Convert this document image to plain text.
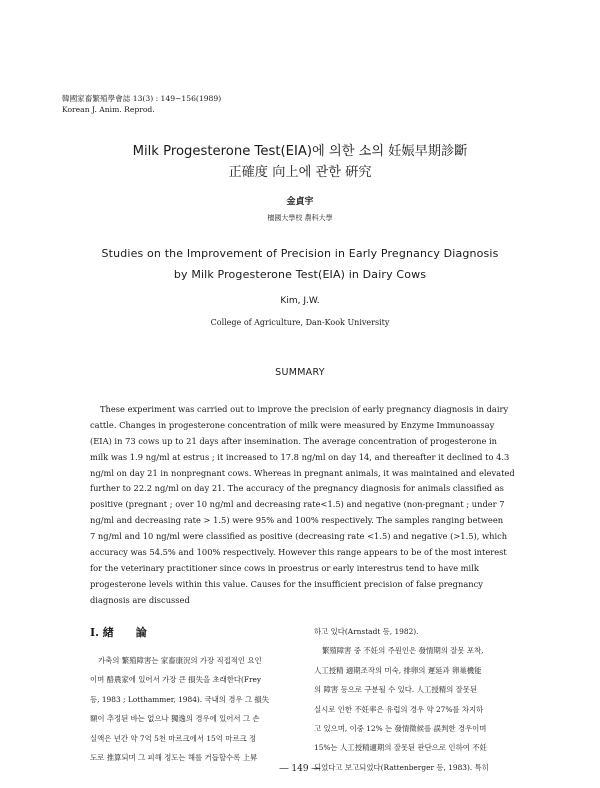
韓國家畜繁殖學會誌 13(3) : 149~156(1989)
Korean J. Anim. Reprod.
Milk Progesterone Test(EIA)에 의한 소의 妊娠早期診斷
正確度 向上에 관한 硏究
金貞宇
檀國大學校 農科大學
Studies on the Improvement of Precision in Early Pregnancy Diagnosis
by Milk Progesterone Test(EIA) in Dairy Cows
Kim, J.W.
College of Agriculture, Dan-Kook University
SUMMARY
These experiment was carried out to improve the precision of early pregnancy diagnosis in dairy
cattle. Changes in progesterone concentration of milk were measured by Enzyme Immunoassay
(EIA) in 73 cows up to 21 days after insemination. The average concentration of progesterone in
milk was 1.9 ng/ml at estrus ; it increased to 17.8 ng/ml on day 14, and thereafter it declined to 4.3
ng/ml on day 21 in nonpregnant cows. Whereas in pregnant animals, it was maintained and elevated
further to 22.2 ng/ml on day 21. The accuracy of the pregnancy diagnosis for animals classified as
positive (pregnant ; over 10 ng/ml and decreasing rate<1.5) and negative (non-pregnant ; under 7
ng/ml and decreasing rate > 1.5) were 95% and 100% respectively. The samples ranging between
7 ng/ml and 10 ng/ml were classified as positive (decreasing rate <1.5) and negative (>1.5), which
accuracy was 54.5% and 100% respectively. However this range appears to be of the most interest
for the veterinary practitioner since cows in proestrus or early interestrus tend to have milk
progesterone levels within this value. Causes for the insufficient precision of false pregnancy
diagnosis are discussed
I. 緖　　論
가축의 繁殖障害는 家畜康況의 가장 직접적인 요인
이며 酪農家에 있어서 가장 큰 損失을 초래한다(Frey
등, 1983 ; Lotthammer, 1984). 국내의 경우 그 損失
額이 추정된 바는 없으나 獨逸의 경우에 있어서 그 손
실액은 년간 약 7억 5천 마르크에서 15억 마르크 정
도로 推算되며 그 피해 정도는 해를 거듭할수록 上昇
하고 있다(Arnstadt 등, 1982).
繁殖障害 중 不妊의 주원인은 發情期의 잘못 포착,
人工授精 適期조작의 미숙, 排卵의 遲延과 卵巢機能
의 障害 등으로 구분될 수 있다. 人工授精의 잘못된
실시로 인한 不妊率은 유럽의 경우 약 27%를 차지하
고 있으며, 이중 12% 는 發情徵候를 誤判한 경우이며
15%는 人工授精適期의 잘못된 판단으로 인하여 不妊
되었다고 보고되었다(Rattenberger 등, 1983). 특히
― 149 ―
